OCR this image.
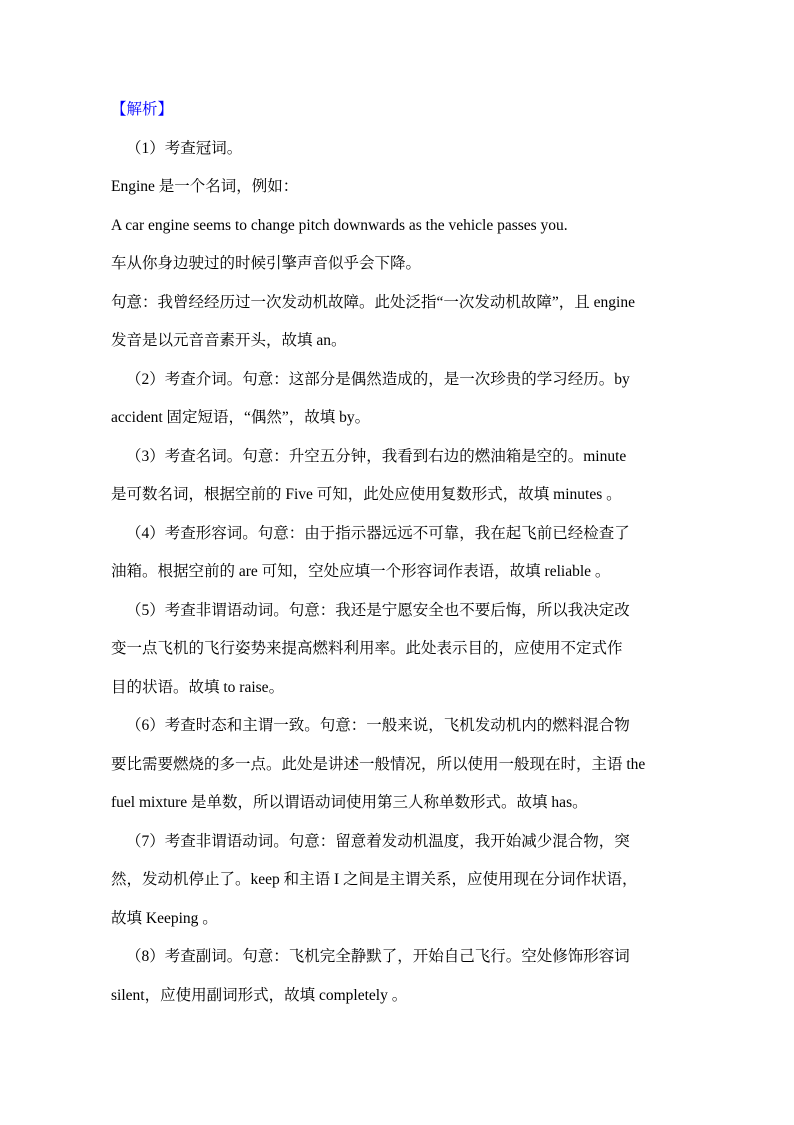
【解析】
（1）考查冠词。
Engine 是一个名词，例如：
A car engine seems to change pitch downwards as the vehicle passes you.
车从你身边驶过的时候引擎声音似乎会下降。
句意：我曾经经历过一次发动机故障。此处泛指“一次发动机故障”，且 engine
发音是以元音音素开头，故填 an。
（2）考查介词。句意：这部分是偶然造成的，是一次珍贵的学习经历。by
accident 固定短语，“偶然”，故填 by。
（3）考查名词。句意：升空五分钟，我看到右边的燃油箱是空的。minute
是可数名词，根据空前的 Five 可知，此处应使用复数形式，故填 minutes 。
（4）考查形容词。句意：由于指示器远远不可靠，我在起飞前已经检查了
油箱。根据空前的 are 可知，空处应填一个形容词作表语，故填 reliable 。
（5）考查非谓语动词。句意：我还是宁愿安全也不要后悔，所以我决定改
变一点飞机的飞行姿势来提高燃料利用率。此处表示目的，应使用不定式作
目的状语。故填 to raise。
（6）考查时态和主谓一致。句意：一般来说，飞机发动机内的燃料混合物
要比需要燃烧的多一点。此处是讲述一般情况，所以使用一般现在时，主语 the
fuel mixture 是单数，所以谓语动词使用第三人称单数形式。故填 has。
（7）考查非谓语动词。句意：留意着发动机温度，我开始减少混合物，突
然，发动机停止了。keep 和主语 I 之间是主谓关系，应使用现在分词作状语，
故填 Keeping 。
（8）考查副词。句意：飞机完全静默了，开始自己飞行。空处修饰形容词
silent，应使用副词形式，故填 completely 。
